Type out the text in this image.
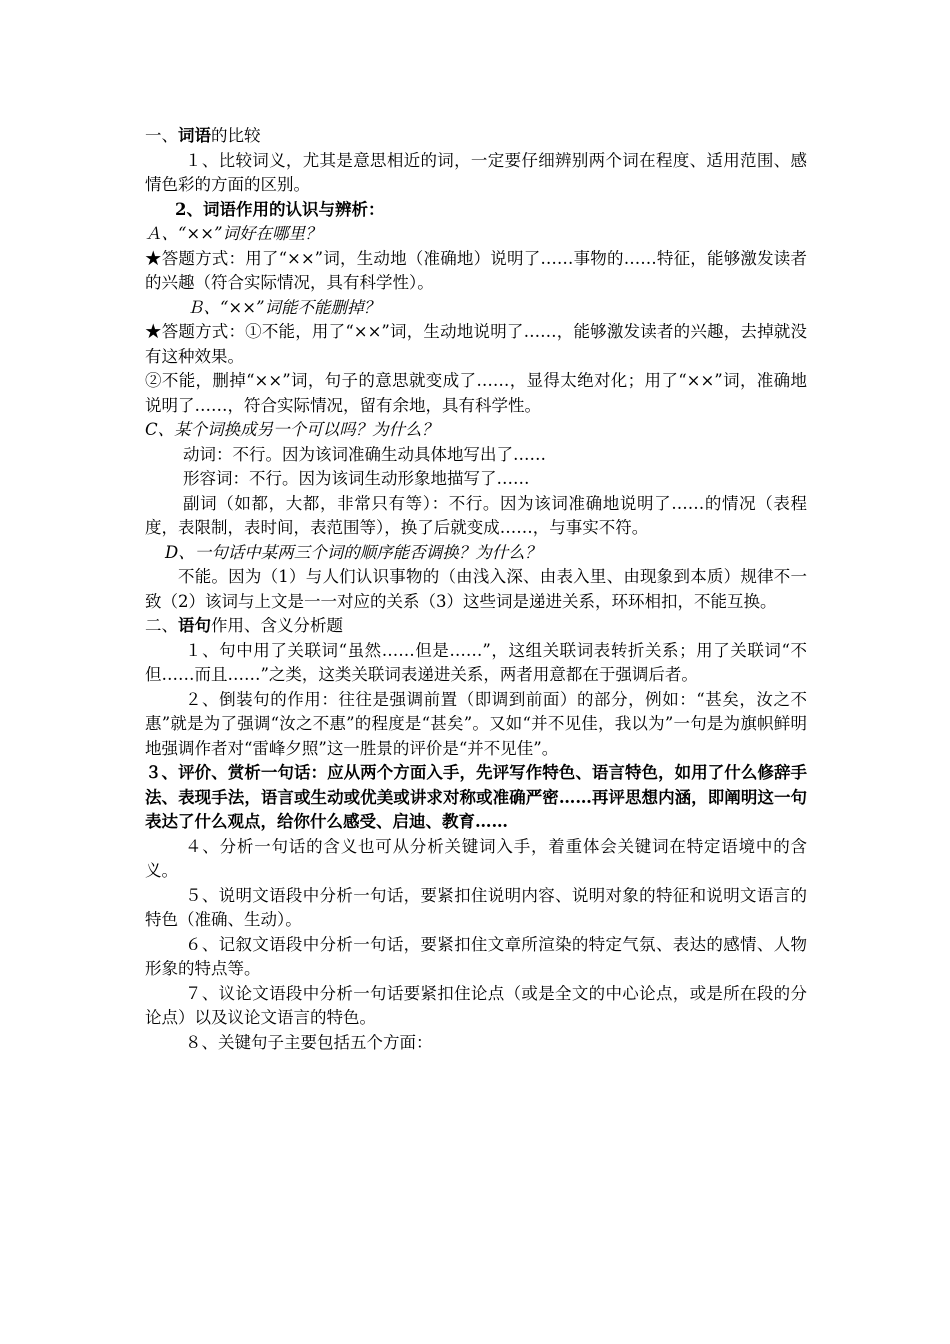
一、词语的比较

１、比较词义，尤其是意思相近的词，一定要仔细辨别两个词在程度、适用范围、感情色彩的方面的区别。

2、词语作用的认识与辨析：

Ａ、“××”词好在哪里？

★答题方式：用了“××”词，生动地（准确地）说明了……事物的……特征，能够激发读者的兴趣（符合实际情况，具有科学性）。

Ｂ、“××”词能不能删掉？

★答题方式：①不能，用了“××”词，生动地说明了……，能够激发读者的兴趣，去掉就没有这种效果。

②不能，删掉“××”词，句子的意思就变成了……，显得太绝对化；用了“××”词，准确地说明了……，符合实际情况，留有余地，具有科学性。

C、某个词换成另一个可以吗？为什么？

动词：不行。因为该词准确生动具体地写出了……

形容词：不行。因为该词生动形象地描写了……

副词（如都，大都，非常只有等）：不行。因为该词准确地说明了……的情况（表程度，表限制，表时间，表范围等），换了后就变成……，与事实不符。

D、一句话中某两三个词的顺序能否调换？为什么？

不能。因为（1）与人们认识事物的（由浅入深、由表入里、由现象到本质）规律不一致（2）该词与上文是一一对应的关系（3）这些词是递进关系，环环相扣，不能互换。

二、语句作用、含义分析题

１、句中用了关联词“虽然……但是……”，这组关联词表转折关系；用了关联词“不但……而且……”之类，这类关联词表递进关系，两者用意都在于强调后者。

２、倒装句的作用：往往是强调前置（即调到前面）的部分，例如：“甚矣，汝之不惠”就是为了强调“汝之不惠”的程度是“甚矣”。又如“并不见佳，我以为”一句是为旗帜鲜明地强调作者对“雷峰夕照”这一胜景的评价是“并不见佳”。

３、评价、赏析一句话：应从两个方面入手，先评写作特色、语言特色，如用了什么修辞手法、表现手法，语言或生动或优美或讲求对称或准确严密……再评思想内涵，即阐明这一句表达了什么观点，给你什么感受、启迪、教育……

４、分析一句话的含义也可从分析关键词入手，着重体会关键词在特定语境中的含义。

５、说明文语段中分析一句话，要紧扣住说明内容、说明对象的特征和说明文语言的特色（准确、生动）。

６、记叙文语段中分析一句话，要紧扣住文章所渲染的特定气氛、表达的感情、人物形象的特点等。

７、议论文语段中分析一句话要紧扣住论点（或是全文的中心论点，或是所在段的分论点）以及议论文语言的特色。

８、关键句子主要包括五个方面：
